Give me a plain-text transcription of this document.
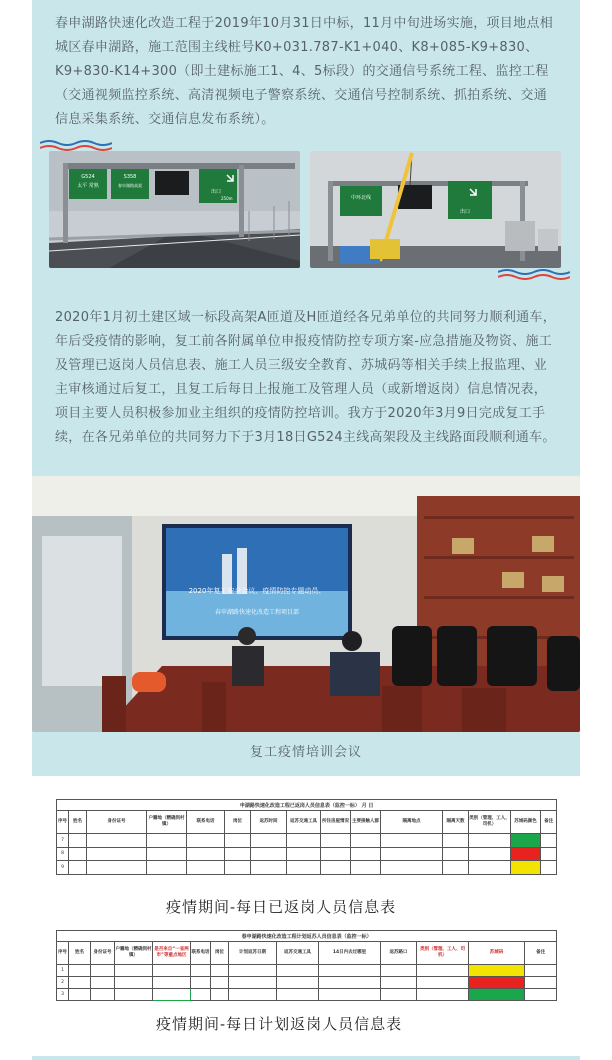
春申湖路快速化改造工程于2019年10月31日中标，11月中旬进场实施，项目地点相城区春申湖路，施工范围主线桩号K0+031.787-K1+040、K8+085-K9+830、K9+830-K14+300（即土建标施工1、4、5标段）的交通信号系统工程、监控工程（交通视频监控系统、高清视频电子警察系统、交通信号控制系统、抓拍系统、交通信息采集系统、交通信息发布系统）。

G524
太平 常熟
S358
春申湖路高架
出口
250m	中环北线
出口

2020年1月初土建区域一标段高架A匝道及H匝道经各兄弟单位的共同努力顺利通车，年后受疫情的影响，复工前各附属单位申报疫情防控专项方案-应急措施及物资、施工及管理已返岗人员信息表、施工人员三级安全教育、苏城码等相关手续上报监理、业主审核通过后复工，且复工后每日上报施工及管理人员（或新增返岗）信息情况表，项目主要人员积极参加业主组织的疫情防控培训。我方于2020年3月9日完成复工手续，在各兄弟单位的共同努力下于3月18日G524主线高架段及主线路面段顺利通车。

2020年复工安全会议、疫情防控专题动员、
春申湖路快速化改造工程项目部
复工疫情培训会议
申湖路快速化改造工程已返岗人员信息表（监控一标） 月 日														
序号	姓名	身份证号	户籍地（精确到村镇）	联系电话	岗位	返苏时间	返苏交通工具	所住房屋情况	主要接触人群	隔离地点	隔离天数	类别（管理、工人、司机）	苏城码颜色	备注
7														
8														
9														
疫情期间-每日已返岗人员信息表
春申湖路快速化改造工程计划返苏人员信息表（监控一标）													
序号	姓名	身份证号	户籍地（精确到村镇）	是否来自“一省两市”等重点地区	联系电话	岗位	计划返苏日期	返苏交通工具	14日内去过哪里	返苏路口	类别（管理、工人、司机）	苏城码	备注
1													
2													
3													
疫情期间-每日计划返岗人员信息表
